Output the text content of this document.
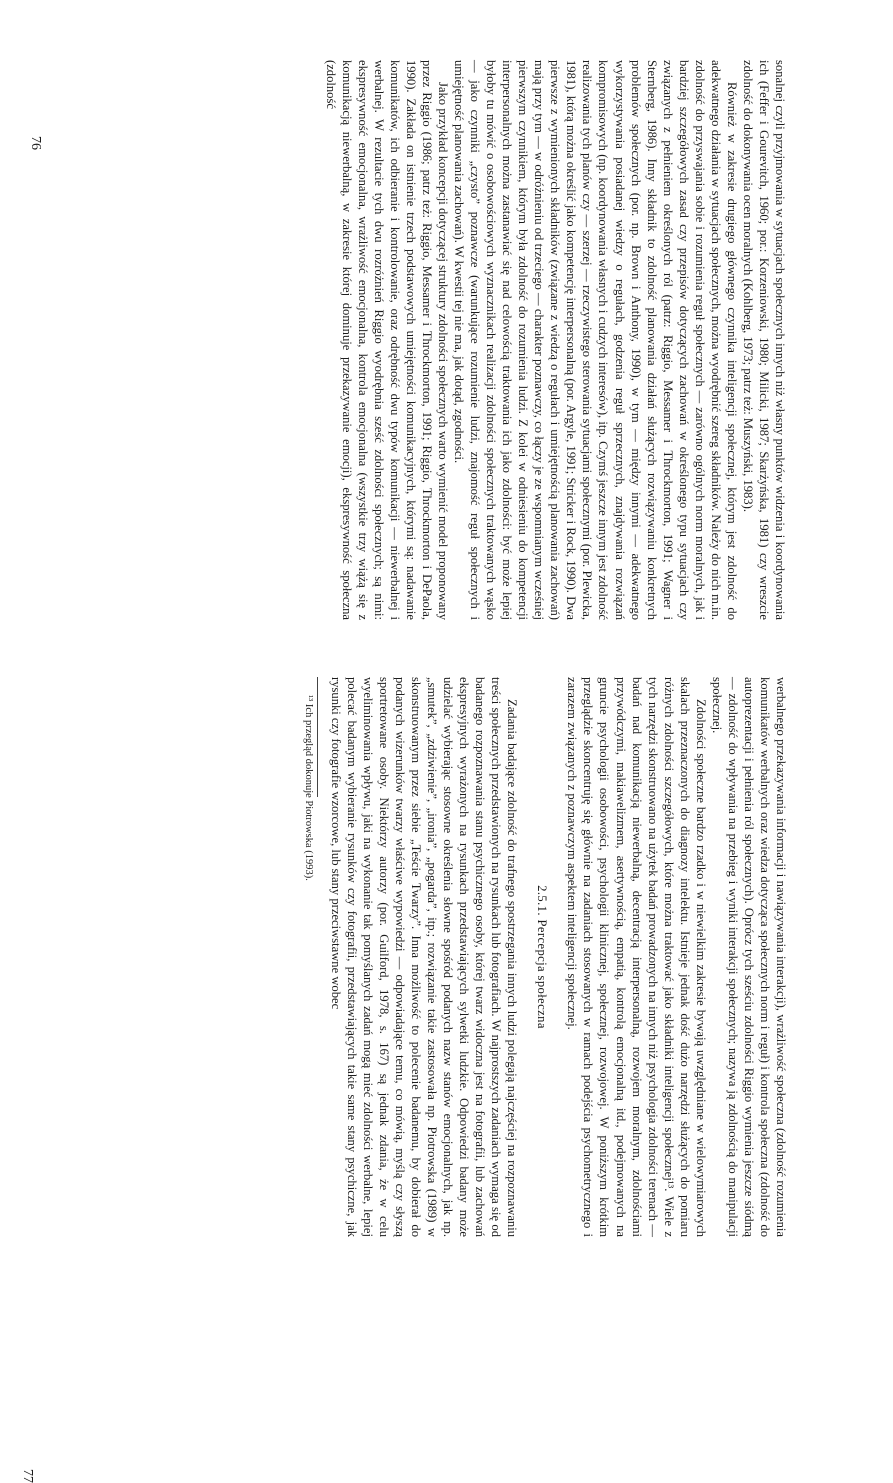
sonalnej czyli przyjmowania w sytuacjach społecznych innych niż własny punktów widzenia i koordynowania ich (Feffer i Gourevitch, 1960; por.: Korzeniowski, 1980; Milicki, 1987; Skarżyńska, 1981) czy wreszcie zdolność do dokonywania ocen moralnych (Kohlberg, 1973; patrz też: Muszyński, 1983).

Również w zakresie drugiego głównego czynnika inteligencji społecznej, którym jest zdolność do adekwatnego działania w sytuacjach społecznych, można wyodrębnić szereg składników. Należy do nich m.in. zdolność do przyswajania sobie i rozumienia reguł społecznych — zarówno ogólnych norm moralnych, jak i bardziej szczegółowych zasad czy przepisów dotyczących zachowań w określonego typu sytuacjach czy związanych z pełnieniem określonych ról (patrz: Riggio, Messamer i Throckmorton, 1991; Wagner i Sternberg, 1986). Inny składnik to zdolność planowania działań służących rozwiązywaniu konkretnych problemów społecznych (por. np. Brown i Anthony, 1990), w tym — między innymi — adekwatnego wykorzystywania posiadanej wiedzy o regułach, godzenia reguł sprzecznych, znajdywania rozwiązań kompromisowych (np. koordynowania własnych i cudzych interesów), itp. Czymś jeszcze innym jest zdolność realizowania tych planów czy — szerzej — rzeczywistego sterowania sytuacjami społecznymi (por. Plewicka, 1981), którą można określić jako kompetencję interpersonalną (por. Argyle, 1991; Stricker i Rock, 1990). Dwa pierwsze z wymienionych składników (związane z wiedzą o regułach i umiejętnością planowania zachowań) mają przy tym — w odróżnieniu od trzeciego — charakter poznawczy, co łączy je ze wspomnianym wcześniej pierwszym czynnikiem, którym była zdolność do rozumienia ludzi. Z kolei w odniesieniu do kompetencji interpersonalnych można zastanawiać się nad celowością traktowania ich jako zdolności: być może lepiej byłoby tu mówić o osobowościowych wyznacznikach realizacji zdolności społecznych traktowanych wąsko — jako czynniki „czysto” poznawcze (warunkujące rozumienie ludzi, znajomość reguł społecznych i umiejętność planowania zachowań). W kwestii tej nie ma, jak dotąd, zgodności.

Jako przykład koncepcji dotyczącej struktury zdolności społecznych warto wymienić model proponowany przez Riggio (1986; patrz też: Riggio, Messamer i Throckmorton, 1991; Riggio, Throckmorton i DePaola, 1990). Zakłada on istnienie trzech podstawowych umiejętności komunikacyjnych, którymi są: nadawanie komunikatów, ich odbieranie i kontrolowanie, oraz odrębność dwu typów komunikacji — niewerbalnej i werbalnej. W rezultacie tych dwu rozróżnień Riggio wyodrębnia sześć zdolności społecznych; są nimi: ekspresywność emocjonalna, wrażliwość emocjonalna, kontrola emocjonalna (wszystkie trzy wiążą się z komunikacją niewerbalną, w zakresie której dominuje przekazywanie emocji), ekspresywność społeczna (zdolność

76

werbalnego przekazywania informacji i nawiązywania interakcji), wrażliwość społeczna (zdolność rozumienia komunikatów werbalnych oraz wiedza dotycząca społecznych norm i reguł) i kontrola społeczna (zdolność do autoprezentacji i pełnienia ról społecznych). Oprócz tych sześciu zdolności Riggio wymienia jeszcze siódmą — zdolność do wpływania na przebieg i wyniki interakcji społecznych; nazywa ją zdolnością do manipulacji społecznej.

Zdolności społeczne bardzo rzadko i w niewielkim zakresie bywają uwzględniane w wielowymiarowych skalach przeznaczonych do diagnozy intelektu. Istnieje jednak dość dużo narzędzi służących do pomiaru różnych zdolności szczegółowych, które można traktować jako składniki inteligencji społecznej¹³. Wiele z tych narzędzi skonstruowano na użytek badań prowadzonych na innych niż psychologia zdolności terenach — badań nad komunikacją niewerbalną, decentracją interpersonalną, rozwojem moralnym, zdolnościami przywódczymi, makiawelizmem, asertywnością, empatią, kontrolą emocjonalną itd., podejmowanych na gruncie psychologii osobowości, psychologii klinicznej, społecznej, rozwojowej. W poniższym krótkim przeglądzie skoncentruję się głównie na zadaniach stosowanych w ramach podejścia psychometrycznego i zarazem związanych z poznawczym aspektem inteligencji społecznej.

2.5.1. Percepcja społeczna

Zadania badające zdolność do trafnego spostrzegania innych ludzi polegają najczęściej na rozpoznawaniu treści społecznych przedstawionych na rysunkach lub fotografiach. W najprostszych zadaniach wymaga się od badanego rozpoznawania stanu psychicznego osoby, której twarz widoczna jest na fotografii, lub zachowań ekspresyjnych wyrażonych na rysunkach przedstawiających sylwetki ludzkie. Odpowiedzi badany może udzielać wybierając stosowne określenia słowne spośród podanych nazw stanów emocjonalnych, jak np. „smutek”, „zdziwienie”, „ironia”, „pogarda”, itp.; rozwiązanie takie zastosowała np. Piotrowska (1989) w skonstruowanym przez siebie „Teście Twarzy”. Inna możliwość to polecenie badanemu, by dobierał do podanych wizerunków twarzy właściwe wypowiedzi — odpowiadające temu, co mówią, myślą czy słyszą sportretowane osoby. Niektórzy autorzy (por. Guilford, 1978, s. 167) są jednak zdania, że w celu wyeliminowania wpływu, jaki na wykonanie tak pomyślanych zadań mogą mieć zdolności werbalne, lepiej polecać badanym wybieranie rysunków czy fotografii, przedstawiających takie same stany psychiczne, jak rysunki czy fotografie wzorcowe, lub stany przeciwstawne wobec

¹³ Ich przegląd dokonuje Piotrowska (1993).

77
